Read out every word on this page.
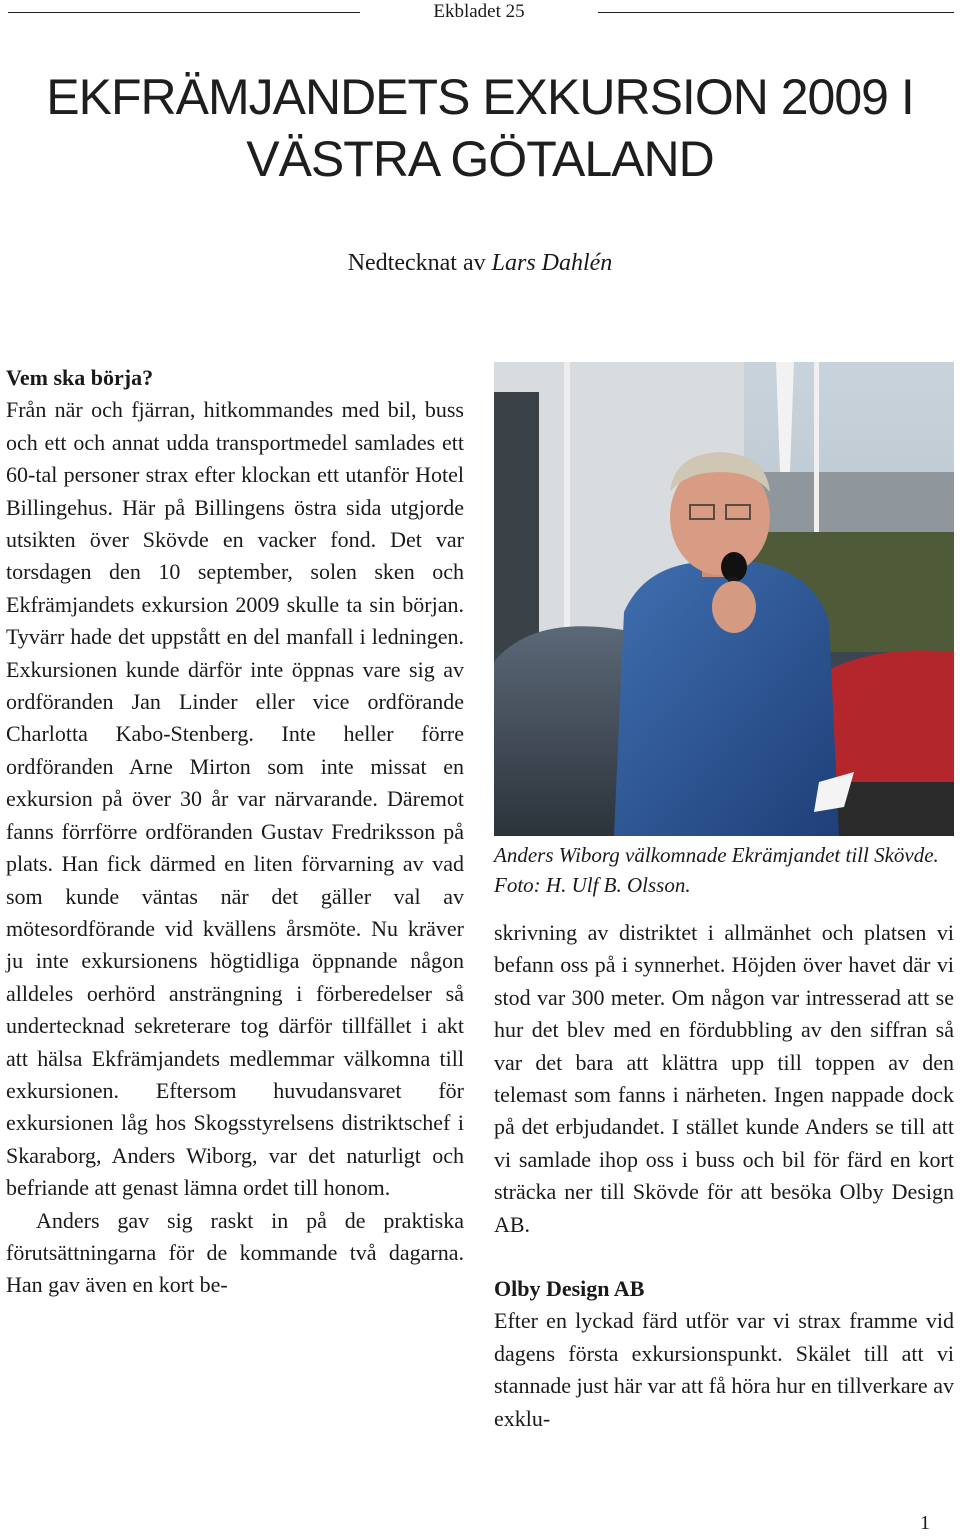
Ekbladet 25
EKFRÄMJANDETS EXKURSION 2009 I
VÄSTRA GÖTALAND
Nedtecknat av Lars Dahlén

Vem ska börja?

Från när och fjärran, hitkommandes med bil, buss och ett och annat udda transportmedel samlades ett 60-tal personer strax efter klockan ett utanför Hotel Billingehus. Här på Billingens östra sida utgjorde utsikten över Skövde en vacker fond. Det var torsdagen den 10 september, solen sken och Ekfrämjandets exkursion 2009 skulle ta sin början. Tyvärr hade det uppstått en del manfall i ledningen. Exkursionen kunde därför inte öppnas vare sig av ordföranden Jan Linder eller vice ordförande Charlotta Kabo-Stenberg. Inte heller förre ordföranden Arne Mirton som inte missat en exkursion på över 30 år var närvarande. Däremot fanns förrförre ordföranden Gustav Fredriksson på plats. Han fick därmed en liten förvarning av vad som kunde väntas när det gäller val av mötesordförande vid kvällens årsmöte. Nu kräver ju inte exkursionens högtidliga öppnande någon alldeles oerhörd ansträngning i förberedelser så undertecknad sekreterare tog därför tillfället i akt att hälsa Ekfrämjandets medlemmar välkomna till exkursionen. Eftersom huvudansvaret för exkursionen låg hos Skogsstyrelsens distriktschef i Skaraborg, Anders Wiborg, var det naturligt och befriande att genast lämna ordet till honom.

Anders gav sig raskt in på de praktiska förutsättningarna för de kommande två dagarna. Han gav även en kort be-

Anders Wiborg välkomnade Ekrämjandet till Skövde. Foto: H. Ulf B. Olsson.

skrivning av distriktet i allmänhet och platsen vi befann oss på i synnerhet. Höjden över havet där vi stod var 300 meter. Om någon var intresserad att se hur det blev med en fördubbling av den siffran så var det bara att klättra upp till toppen av den telemast som fanns i närheten. Ingen nappade dock på det erbjudandet. I stället kunde Anders se till att vi samlade ihop oss i buss och bil för färd en kort sträcka ner till Skövde för att besöka Olby Design AB.

Olby Design AB

Efter en lyckad färd utför var vi strax framme vid dagens första exkursionspunkt. Skälet till att vi stannade just här var att få höra hur en tillverkare av exklu-

1
